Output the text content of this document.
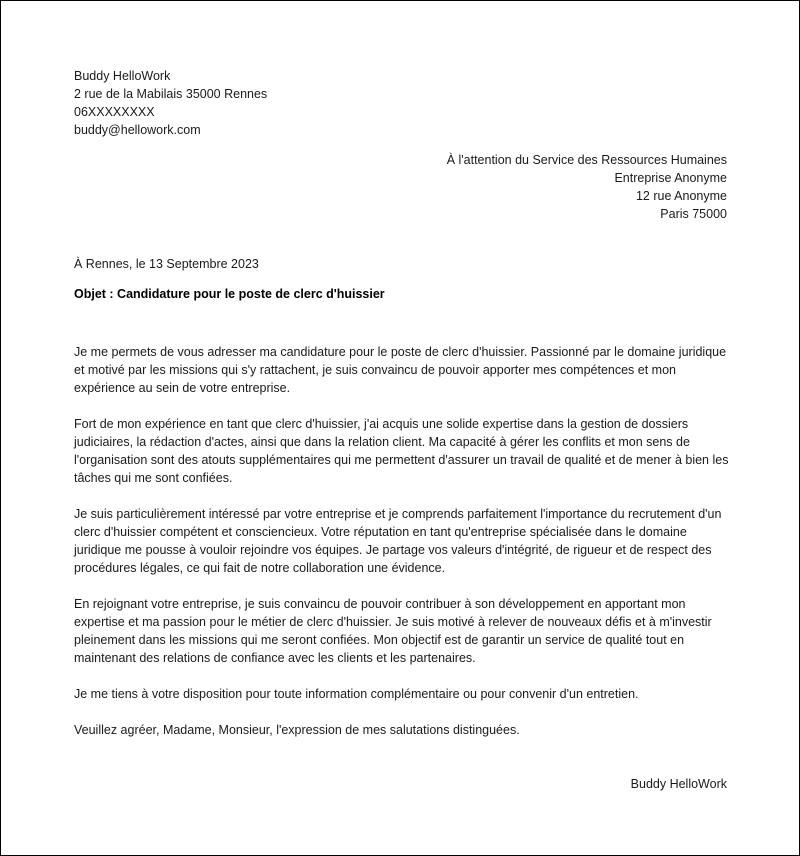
Buddy HelloWork

2 rue de la Mabilais 35000 Rennes

06XXXXXXXX

buddy@hellowork.com

À l'attention du Service des Ressources Humaines

Entreprise Anonyme

12 rue Anonyme

Paris 75000

À Rennes, le 13 Septembre 2023

Objet : Candidature pour le poste de clerc d'huissier

Je me permets de vous adresser ma candidature pour le poste de clerc d'huissier. Passionné par le domaine juridique et motivé par les missions qui s'y rattachent, je suis convaincu de pouvoir apporter mes compétences et mon expérience au sein de votre entreprise.

Fort de mon expérience en tant que clerc d'huissier, j'ai acquis une solide expertise dans la gestion de dossiers judiciaires, la rédaction d'actes, ainsi que dans la relation client. Ma capacité à gérer les conflits et mon sens de l'organisation sont des atouts supplémentaires qui me permettent d'assurer un travail de qualité et de mener à bien les tâches qui me sont confiées.

Je suis particulièrement intéressé par votre entreprise et je comprends parfaitement l'importance du recrutement d'un clerc d'huissier compétent et consciencieux. Votre réputation en tant qu'entreprise spécialisée dans le domaine juridique me pousse à vouloir rejoindre vos équipes. Je partage vos valeurs d'intégrité, de rigueur et de respect des procédures légales, ce qui fait de notre collaboration une évidence.

En rejoignant votre entreprise, je suis convaincu de pouvoir contribuer à son développement en apportant mon expertise et ma passion pour le métier de clerc d'huissier. Je suis motivé à relever de nouveaux défis et à m'investir pleinement dans les missions qui me seront confiées. Mon objectif est de garantir un service de qualité tout en maintenant des relations de confiance avec les clients et les partenaires.

Je me tiens à votre disposition pour toute information complémentaire ou pour convenir d'un entretien.

Veuillez agréer, Madame, Monsieur, l'expression de mes salutations distinguées.

Buddy HelloWork
